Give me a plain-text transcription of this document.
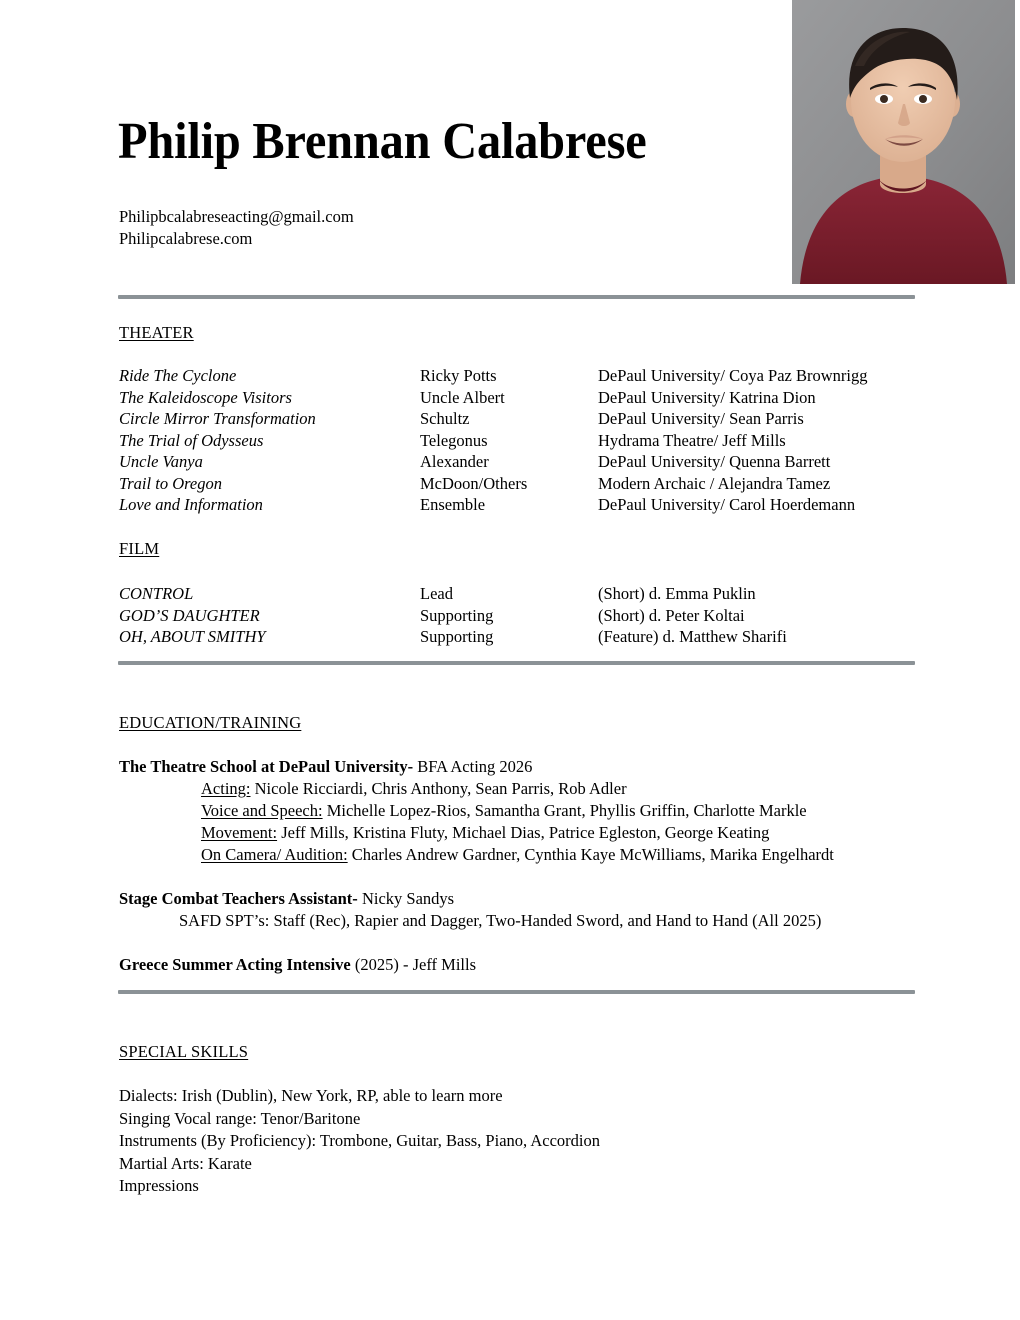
Philip Brennan Calabrese
Philipbcalabreseacting@gmail.com
Philipcalabrese.com
THEATER
Ride The Cyclone	Ricky Potts	DePaul University/ Coya Paz Brownrigg
The Kaleidoscope Visitors	Uncle Albert	DePaul University/ Katrina Dion
Circle Mirror Transformation	Schultz	DePaul University/ Sean Parris
The Trial of Odysseus	Telegonus	Hydrama Theatre/ Jeff Mills
Uncle Vanya	Alexander	DePaul University/ Quenna Barrett
Trail to Oregon	McDoon/Others	Modern Archaic / Alejandra Tamez
Love and Information	Ensemble	DePaul University/ Carol Hoerdemann
FILM
CONTROL	Lead	(Short) d. Emma Puklin
GOD’S DAUGHTER	Supporting	(Short) d. Peter Koltai
OH, ABOUT SMITHY	Supporting	(Feature) d. Matthew Sharifi
EDUCATION/TRAINING
The Theatre School at DePaul University- BFA Acting 2026
Acting: Nicole Ricciardi, Chris Anthony, Sean Parris, Rob Adler
Voice and Speech: Michelle Lopez-Rios, Samantha Grant, Phyllis Griffin, Charlotte Markle
Movement: Jeff Mills, Kristina Fluty, Michael Dias, Patrice Egleston, George Keating
On Camera/ Audition: Charles Andrew Gardner, Cynthia Kaye McWilliams, Marika Engelhardt
Stage Combat Teachers Assistant- Nicky Sandys
SAFD SPT’s: Staff (Rec), Rapier and Dagger, Two-Handed Sword, and Hand to Hand (All 2025)
Greece Summer Acting Intensive (2025) - Jeff Mills
SPECIAL SKILLS
Dialects: Irish (Dublin), New York, RP, able to learn more
Singing Vocal range: Tenor/Baritone
Instruments (By Proficiency): Trombone, Guitar, Bass, Piano, Accordion
Martial Arts: Karate
Impressions
